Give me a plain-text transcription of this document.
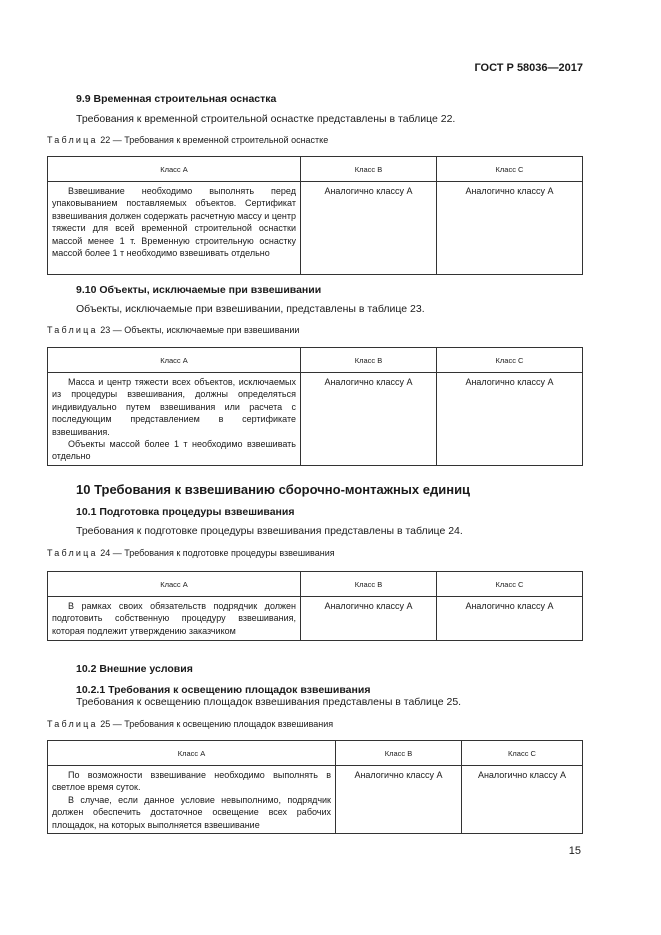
ГОСТ Р 58036—2017
9.9 Временная строительная оснастка
Требования к временной строительной оснастке представлены в таблице 22.
Таблица 22 — Требования к временной строительной оснастке
Класс А	Класс В	Класс С

Взвешивание необходимо выполнять перед упаковыванием поставляемых объектов. Сертификат взвешивания должен содержать расчетную массу и центр тяжести для всей временной строительной оснастки массой менее 1 т. Временную строительную оснастку массой более 1 т необходимо взвешивать отдельно	Аналогично классу А	Аналогично классу А
9.10 Объекты, исключаемые при взвешивании
Объекты, исключаемые при взвешивании, представлены в таблице 23.
Таблица 23 — Объекты, исключаемые при взвешивании
Класс А	Класс В	Класс С

Масса и центр тяжести всех объектов, исключаемых из процедуры взвешивания, должны определяться индивидуально путем взвешивания или расчета с последующим представлением в сертификате взвешивания.

Объекты массой более 1 т необходимо взвешивать отдельно	Аналогично классу А	Аналогично классу А
10 Требования к взвешиванию сборочно-монтажных единиц
10.1 Подготовка процедуры взвешивания
Требования к подготовке процедуры взвешивания представлены в таблице 24.
Таблица 24 — Требования к подготовке процедуры взвешивания
Класс А	Класс В	Класс С

В рамках своих обязательств подрядчик должен подготовить собственную процедуру взвешивания, которая подлежит утверждению заказчиком	Аналогично классу А	Аналогично классу А
10.2 Внешние условия
10.2.1 Требования к освещению площадок взвешивания
Требования к освещению площадок взвешивания представлены в таблице 25.
Таблица 25 — Требования к освещению площадок взвешивания
Класс А	Класс В	Класс С

По возможности взвешивание необходимо выполнять в светлое время суток.

В случае, если данное условие невыполнимо, подрядчик должен обеспечить достаточное освещение всех рабочих площадок, на которых выполняется взвешивание	Аналогично классу А	Аналогично классу А
15
